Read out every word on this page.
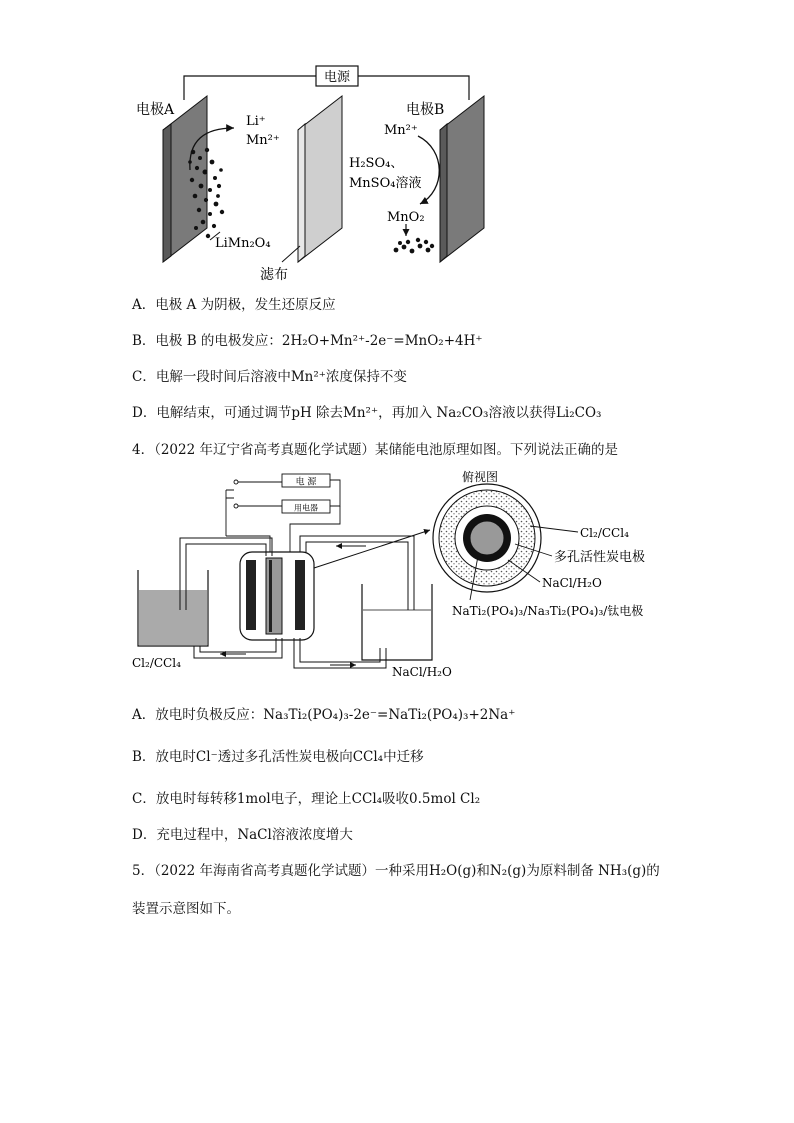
电源
电极A	电极B
Li⁺
Mn²⁺
Mn²⁺
H₂SO₄、
MnSO₄溶液
MnO₂
LiMn₂O₄
滤布
A．电极 A 为阴极，发生还原反应
B．电极 B 的电极发应：2H₂O+Mn²⁺-2e⁻=MnO₂+4H⁺
C．电解一段时间后溶液中Mn²⁺浓度保持不变
D．电解结束，可通过调节pH 除去Mn²⁺，再加入 Na₂CO₃溶液以获得Li₂CO₃
4．（2022 年辽宁省高考真题化学试题）某储能电池原理如图。下列说法正确的是
电 源
用电器
俯视图
Cl₂/CCl₄
多孔活性炭电极
NaCl/H₂O
NaTi₂(PO₄)₃/Na₃Ti₂(PO₄)₃/钛电极
Cl₂/CCl₄
NaCl/H₂O
A．放电时负极反应：Na₃Ti₂(PO₄)₃-2e⁻=NaTi₂(PO₄)₃+2Na⁺
B．放电时Cl⁻透过多孔活性炭电极向CCl₄中迁移
C．放电时每转移1mol电子，理论上CCl₄吸收0.5mol Cl₂
D．充电过程中，NaCl溶液浓度增大
5．（2022 年海南省高考真题化学试题）一种采用H₂O(g)和N₂(g)为原料制备 NH₃(g)的
装置示意图如下。
